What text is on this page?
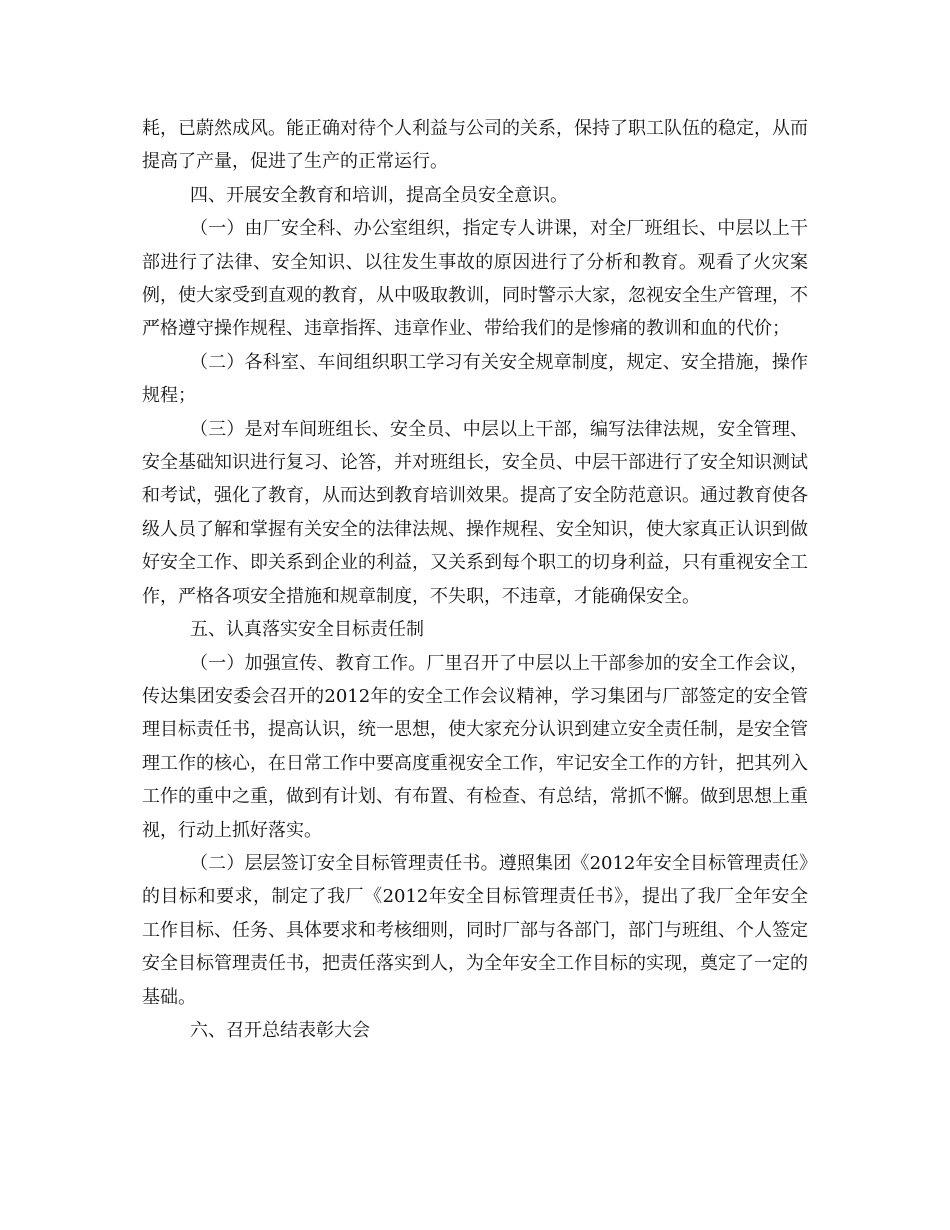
耗，已蔚然成风。能正确对待个人利益与公司的关系，保持了职工队伍的稳定，从而提高了产量，促进了生产的正常运行。

四、开展安全教育和培训，提高全员安全意识。

（一）由厂安全科、办公室组织，指定专人讲课，对全厂班组长、中层以上干部进行了法律、安全知识、以往发生事故的原因进行了分析和教育。观看了火灾案例，使大家受到直观的教育，从中吸取教训，同时警示大家，忽视安全生产管理，不严格遵守操作规程、违章指挥、违章作业、带给我们的是惨痛的教训和血的代价；

（二）各科室、车间组织职工学习有关安全规章制度，规定、安全措施，操作规程；

（三）是对车间班组长、安全员、中层以上干部，编写法律法规，安全管理、安全基础知识进行复习、论答，并对班组长，安全员、中层干部进行了安全知识测试和考试，强化了教育，从而达到教育培训效果。提高了安全防范意识。通过教育使各级人员了解和掌握有关安全的法律法规、操作规程、安全知识，使大家真正认识到做好安全工作、即关系到企业的利益，又关系到每个职工的切身利益，只有重视安全工作，严格各项安全措施和规章制度，不失职，不违章，才能确保安全。

五、认真落实安全目标责任制

（一）加强宣传、教育工作。厂里召开了中层以上干部参加的安全工作会议，传达集团安委会召开的2012年的安全工作会议精神，学习集团与厂部签定的安全管理目标责任书，提高认识，统一思想，使大家充分认识到建立安全责任制，是安全管理工作的核心，在日常工作中要高度重视安全工作，牢记安全工作的方针，把其列入工作的重中之重，做到有计划、有布置、有检查、有总结，常抓不懈。做到思想上重视，行动上抓好落实。

（二）层层签订安全目标管理责任书。遵照集团《2012年安全目标管理责任》的目标和要求，制定了我厂《2012年安全目标管理责任书》，提出了我厂全年安全工作目标、任务、具体要求和考核细则，同时厂部与各部门，部门与班组、个人签定安全目标管理责任书，把责任落实到人，为全年安全工作目标的实现，奠定了一定的基础。

六、召开总结表彰大会
